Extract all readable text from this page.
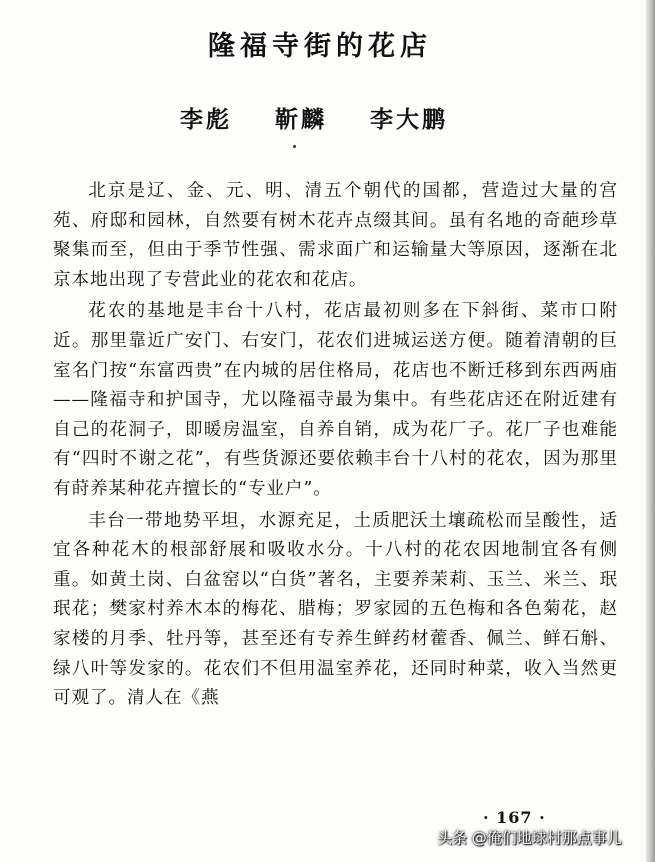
隆福寺街的花店
李彪 靳麟 李大鹏

北京是辽、金、元、明、清五个朝代的国都，营造过大量的宫苑、府邸和园林，自然要有树木花卉点缀其间。虽有名地的奇葩珍草聚集而至，但由于季节性强、需求面广和运输量大等原因，逐渐在北京本地出现了专营此业的花农和花店。

花农的基地是丰台十八村，花店最初则多在下斜街、菜市口附近。那里靠近广安门、右安门，花农们进城运送方便。随着清朝的巨室名门按“东富西贵”在内城的居住格局，花店也不断迁移到东西两庙——隆福寺和护国寺，尤以隆福寺最为集中。有些花店还在附近建有自己的花洞子，即暖房温室，自养自销，成为花厂子。花厂子也难能有“四时不谢之花”，有些货源还要依赖丰台十八村的花农，因为那里有莳养某种花卉擅长的“专业户”。

丰台一带地势平坦，水源充足，土质肥沃土壤疏松而呈酸性，适宜各种花木的根部舒展和吸收水分。十八村的花农因地制宜各有侧重。如黄土岗、白盆窑以“白货”著名，主要养茉莉、玉兰、米兰、珉珉花；樊家村养木本的梅花、腊梅；罗家园的五色梅和各色菊花，赵家楼的月季、牡丹等，甚至还有专养生鲜药材藿香、佩兰、鲜石斛、绿八叶等发家的。花农们不但用温室养花，还同时种菜，收入当然更可观了。清人在《燕

· 167 ·
头条 @俺们地球村那点事儿
